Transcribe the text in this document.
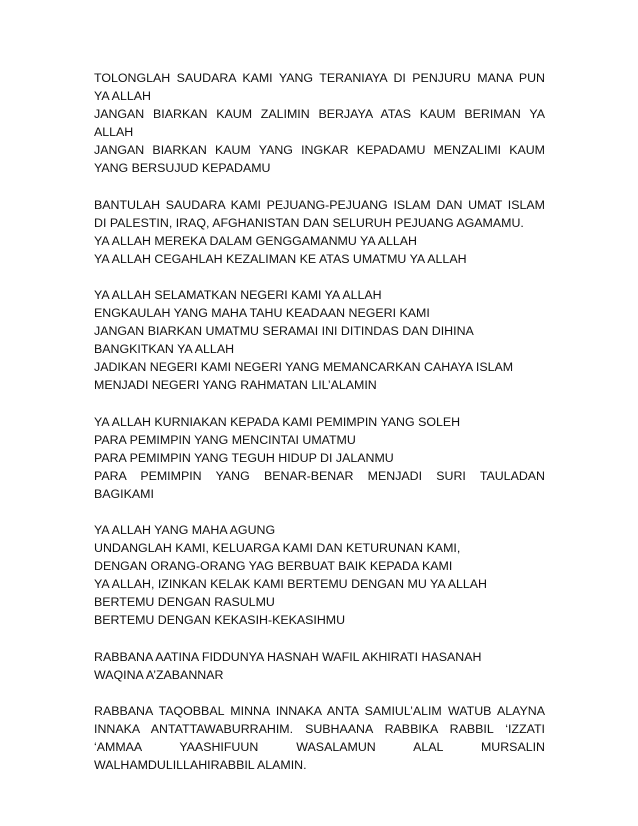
TOLONGLAH SAUDARA KAMI YANG TERANIAYA DI PENJURU MANA PUN
YA ALLAH
JANGAN BIARKAN KAUM ZALIMIN BERJAYA ATAS KAUM BERIMAN YA
ALLAH
JANGAN BIARKAN KAUM YANG INGKAR KEPADAMU MENZALIMI KAUM
YANG BERSUJUD KEPADAMU
BANTULAH SAUDARA KAMI PEJUANG-PEJUANG ISLAM DAN UMAT ISLAM
DI PALESTIN, IRAQ, AFGHANISTAN DAN SELURUH PEJUANG AGAMAMU.
YA ALLAH MEREKA DALAM GENGGAMANMU YA ALLAH
YA ALLAH CEGAHLAH KEZALIMAN KE ATAS UMATMU YA ALLAH
YA ALLAH SELAMATKAN NEGERI KAMI YA ALLAH
ENGKAULAH YANG MAHA TAHU KEADAAN NEGERI KAMI
JANGAN BIARKAN UMATMU SERAMAI INI DITINDAS DAN DIHINA
BANGKITKAN YA ALLAH
JADIKAN NEGERI KAMI NEGERI YANG MEMANCARKAN CAHAYA ISLAM
MENJADI NEGERI YANG RAHMATAN LIL’ALAMIN
YA ALLAH KURNIAKAN KEPADA KAMI PEMIMPIN YANG SOLEH
PARA PEMIMPIN YANG MENCINTAI UMATMU
PARA PEMIMPIN YANG TEGUH HIDUP DI JALANMU
PARA PEMIMPIN YANG BENAR-BENAR MENJADI SURI TAULADAN
BAGIKAMI
YA ALLAH YANG MAHA AGUNG
UNDANGLAH KAMI, KELUARGA KAMI DAN KETURUNAN KAMI,
DENGAN ORANG-ORANG YAG BERBUAT BAIK KEPADA KAMI
YA ALLAH, IZINKAN KELAK KAMI BERTEMU DENGAN MU YA ALLAH
BERTEMU DENGAN RASULMU
BERTEMU DENGAN KEKASIH-KEKASIHMU
RABBANA AATINA FIDDUNYA HASNAH WAFIL AKHIRATI HASANAH
WAQINA A’ZABANNAR
RABBANA TAQOBBAL MINNA INNAKA ANTA SAMIUL’ALIM WATUB ALAYNA
INNAKA ANTATTAWABURRAHIM. SUBHAANA RABBIKA RABBIL ‘IZZATI
‘AMMAA YAASHIFUUN WASALAMUN ALAL MURSALIN
WALHAMDULILLAHIRABBIL ALAMIN.
